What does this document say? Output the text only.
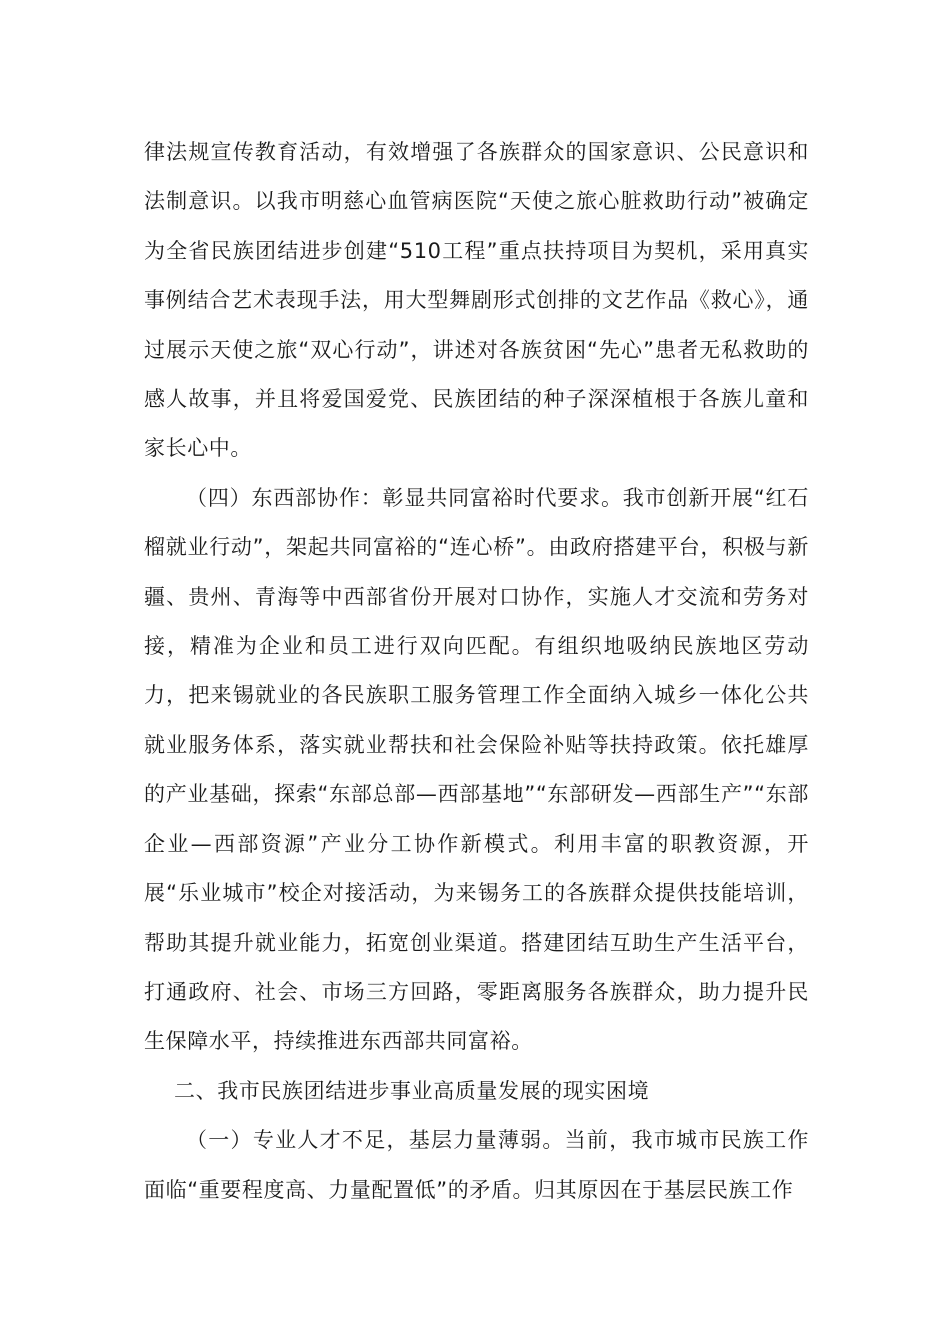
律法规宣传教育活动，有效增强了各族群众的国家意识、公民意识和法制意识。以我市明慈心血管病医院“天使之旅心脏救助行动”被确定为全省民族团结进步创建“510工程”重点扶持项目为契机，采用真实事例结合艺术表现手法，用大型舞剧形式创排的文艺作品《救心》，通过展示天使之旅“双心行动”，讲述对各族贫困“先心”患者无私救助的感人故事，并且将爱国爱党、民族团结的种子深深植根于各族儿童和家长心中。

（四）东西部协作：彰显共同富裕时代要求。我市创新开展“红石榴就业行动”，架起共同富裕的“连心桥”。由政府搭建平台，积极与新疆、贵州、青海等中西部省份开展对口协作，实施人才交流和劳务对接，精准为企业和员工进行双向匹配。有组织地吸纳民族地区劳动力，把来锡就业的各民族职工服务管理工作全面纳入城乡一体化公共就业服务体系，落实就业帮扶和社会保险补贴等扶持政策。依托雄厚的产业基础，探索“东部总部—西部基地”“东部研发—西部生产”“东部企业—西部资源”产业分工协作新模式。利用丰富的职教资源，开展“乐业城市”校企对接活动，为来锡务工的各族群众提供技能培训，帮助其提升就业能力，拓宽创业渠道。搭建团结互助生产生活平台，打通政府、社会、市场三方回路，零距离服务各族群众，助力提升民生保障水平，持续推进东西部共同富裕。

二、我市民族团结进步事业高质量发展的现实困境

（一）专业人才不足，基层力量薄弱。当前，我市城市民族工作面临“重要程度高、力量配置低”的矛盾。归其原因在于基层民族工作
